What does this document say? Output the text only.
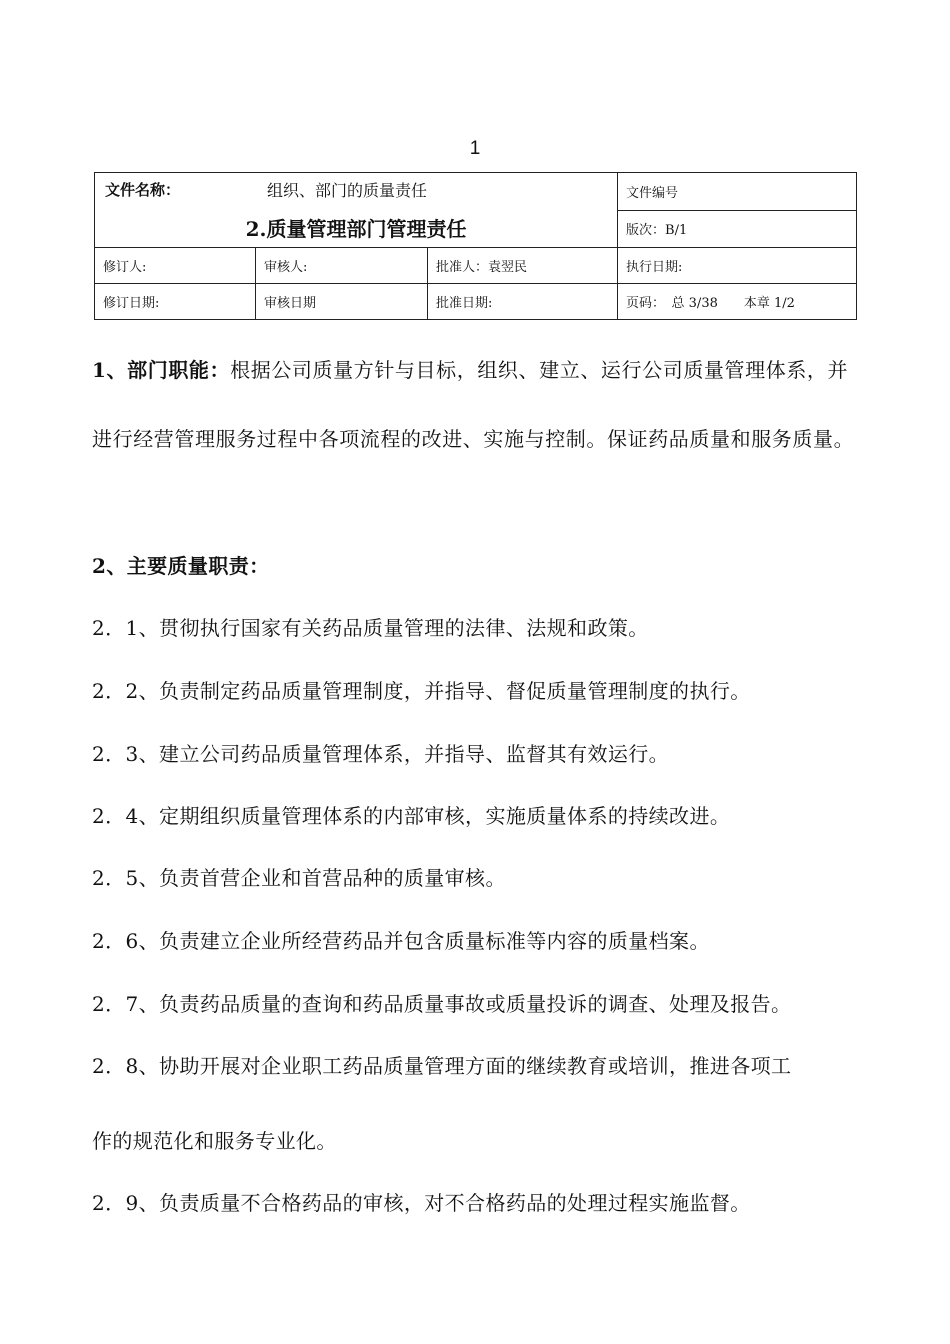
1
文件名称： 组织、部门的质量责任
2.质量管理部门管理责任			文件编号
			版次：B/1
修订人:	审核人:	批准人：袁翌民	执行日期:
修订日期:	审核日期	批准日期:	页码：　总 3/38　　本章 1/2
1、部门职能：根据公司质量方针与目标，组织、建立、运行公司质量管理体系，并进行经营管理服务过程中各项流程的改进、实施与控制。保证药品质量和服务质量。
2、主要质量职责：
2．1、贯彻执行国家有关药品质量管理的法律、法规和政策。
2．2、负责制定药品质量管理制度，并指导、督促质量管理制度的执行。
2．3、建立公司药品质量管理体系，并指导、监督其有效运行。
2．4、定期组织质量管理体系的内部审核，实施质量体系的持续改进。
2．5、负责首营企业和首营品种的质量审核。
2．6、负责建立企业所经营药品并包含质量标准等内容的质量档案。
2．7、负责药品质量的查询和药品质量事故或质量投诉的调查、处理及报告。
2．8、协助开展对企业职工药品质量管理方面的继续教育或培训，推进各项工
作的规范化和服务专业化。
2．9、负责质量不合格药品的审核，对不合格药品的处理过程实施监督。
